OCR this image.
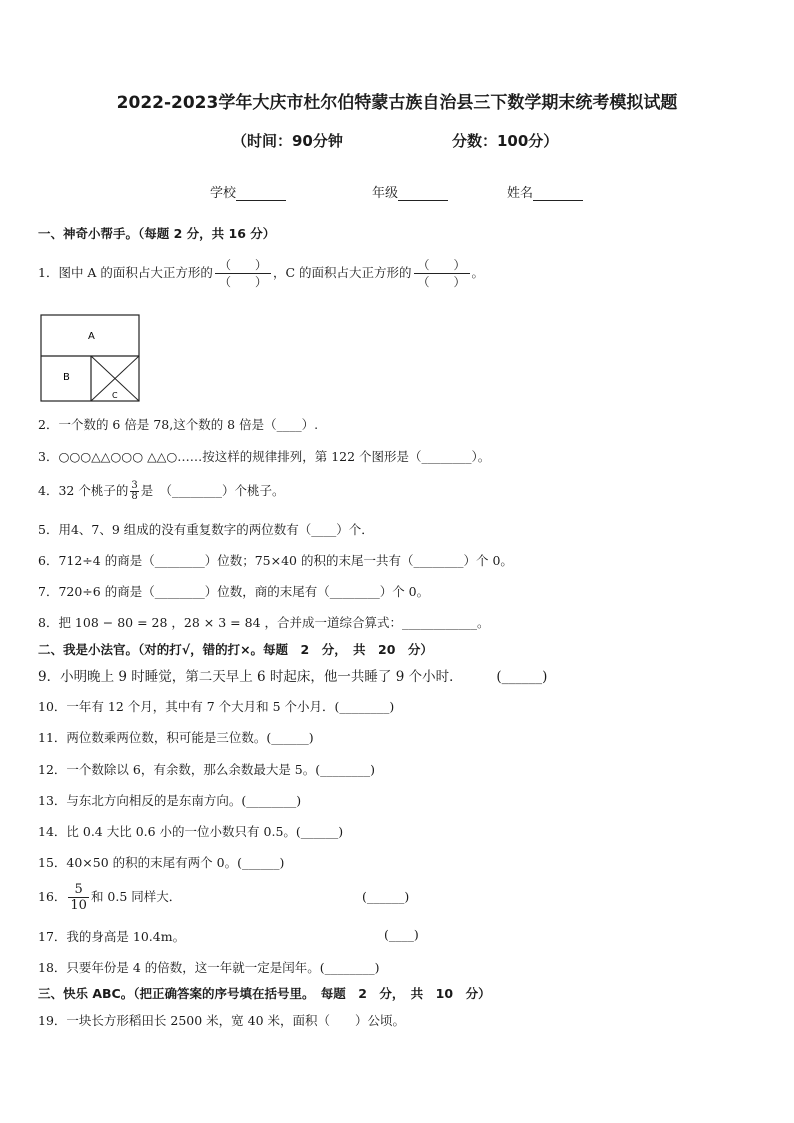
2022-2023学年大庆市杜尔伯特蒙古族自治县三下数学期末统考模拟试题
（时间：90分钟	分数：100分）
学校	年级	姓名
一、神奇小帮手。（每题 2 分，共 16 分）
1．图中 A 的面积占大正方形的 $\frac{( )}{( )}$ ，C 的面积占大正方形的 $\frac{( )}{( )}$ 。
A
B
C
2．一个数的 6 倍是 78,这个数的 8 倍是（____）.
3．○○○△△○○○ △△○……按这样的规律排列，第 122 个图形是（________）。
4．32 个桃子的 $\frac{3}{8}$ 是　（________）个桃子。
5．用4、7、9 组成的没有重复数字的两位数有（____）个．
6．712÷4 的商是（________）位数；75×40 的积的末尾一共有（________）个 0。
7．720÷6 的商是（________）位数，商的末尾有（________）个 0。
8．把 108 − 80 = 28 ，28 × 3 = 84 ，合并成一道综合算式：____________。
二、我是小法官。（对的打√，错的打×。每题　2　分，　共　20　分）
9．小明晚上 9 时睡觉，第二天早上 6 时起床，他一共睡了 9 个小时．　　　(______)
10．一年有 12 个月，其中有 7 个大月和 5 个小月．(________)
11．两位数乘两位数，积可能是三位数。(______)
12．一个数除以 6，有余数，那么余数最大是 5。(________)
13．与东北方向相反的是东南方向。(________)
14．比 0.4 大比 0.6 小的一位小数只有 0.5。(______)
15．40×50 的积的末尾有两个 0。(______)
16． $\frac{5}{10}$ 和 0.5 同样大．	(______)
17．我的身高是 10.4m。	(____)
18．只要年份是 4 的倍数，这一年就一定是闰年。(________)
三、快乐 ABC。（把正确答案的序号填在括号里。　每题　2　分，　共　10　分）
19．一块长方形稻田长 2500 米，宽 40 米，面积（　　）公顷。
